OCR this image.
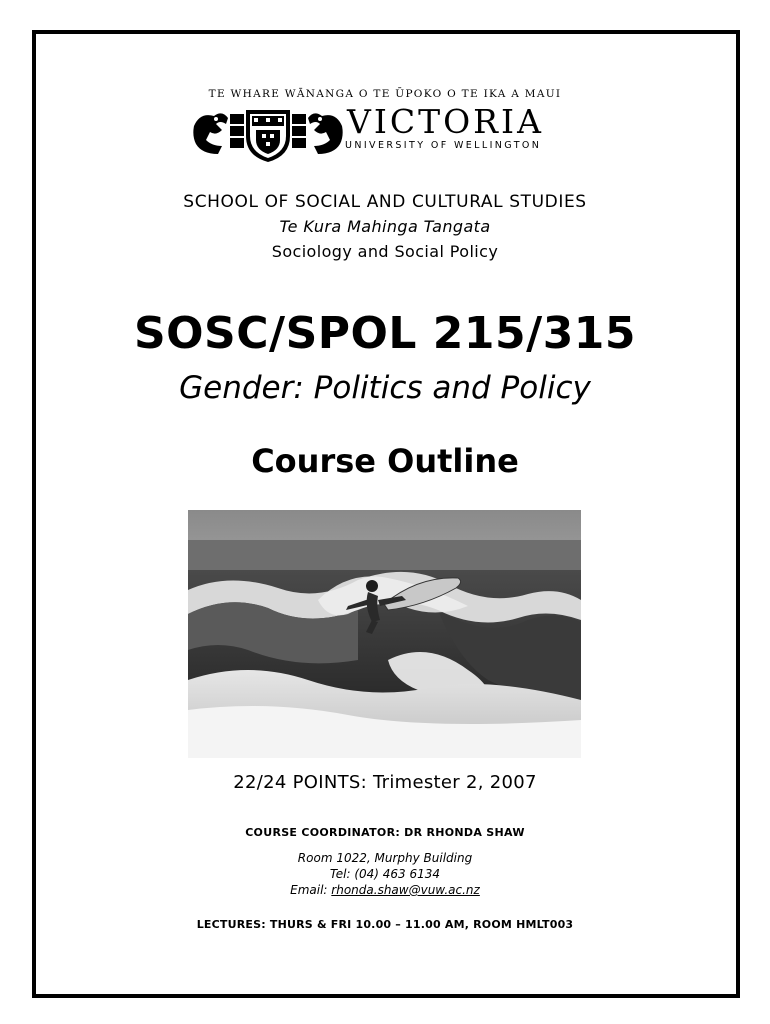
TE WHARE WĀNANGA O TE ŪPOKO O TE IKA A MAUI
VICTORIA
UNIVERSITY OF WELLINGTON
SCHOOL OF SOCIAL AND CULTURAL STUDIES
Te Kura Mahinga Tangata
Sociology and Social Policy
SOSC/SPOL 215/315
Gender: Politics and Policy
Course Outline
22/24 POINTS: Trimester 2, 2007
COURSE COORDINATOR: DR RHONDA SHAW
Room 1022, Murphy Building
Tel: (04) 463 6134
Email: rhonda.shaw@vuw.ac.nz
LECTURES: THURS & FRI 10.00 – 11.00 AM, ROOM HMLT003
